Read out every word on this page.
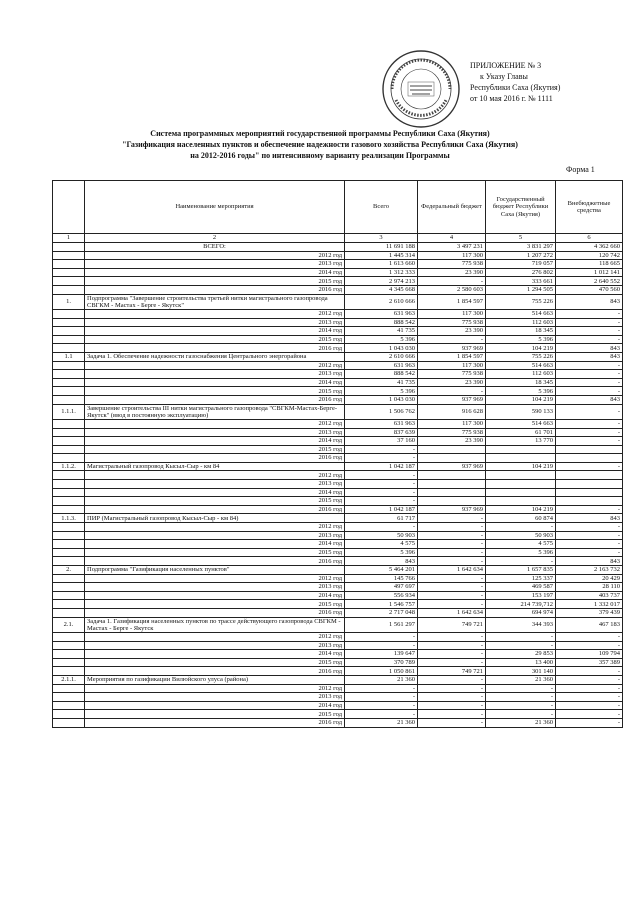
ПРИЛОЖЕНИЕ № 3
к Указу Главы
Республики Саха (Якутия)
от 10 мая 2016 г. № 1111
Система программных мероприятий государственной программы Республики Саха (Якутия)
"Газификация населенных пунктов и обеспечение надежности газового хозяйства Республики Саха (Якутия)
на 2012-2016 годы" по интенсивному варианту реализации Программы
Форма 1
	Наименование мероприятия	Всего	Федеральный бюджет	Государственный бюджет Республики Саха (Якутия)	Внебюджетные средства
1	2	3	4	5	6
	ВСЕГО:	11 691 188	3 497 231	3 831 297	4 362 660
	2012 год	1 445 314	117 300	1 207 272	120 742
	2013 год	1 613 660	775 938	719 057	118 665
	2014 год	1 312 333	23 390	276 802	1 012 141
	2015 год	2 974 213	-	333 661	2 640 552
	2016 год	4 345 668	2 580 603	1 294 505	470 560
1.	Подпрограмма "Завершение строительства третьей нитки магистрального газопровода СВГКМ - Мастах - Берге - Якутск"	2 610 666	1 854 597	755 226	843
	2012 год	631 963	117 300	514 663	-
	2013 год	888 542	775 938	112 603	-
	2014 год	41 735	23 390	18 345	-
	2015 год	5 396	-	5 396	-
	2016 год	1 043 030	937 969	104 219	843
1.1	Задача 1. Обеспечение надежности газоснабжения Центрального энергорайона	2 610 666	1 854 597	755 226	843
	2012 год	631 963	117 300	514 663	-
	2013 год	888 542	775 938	112 603	-
	2014 год	41 735	23 390	18 345	-
	2015 год	5 396	-	5 396	-
	2016 год	1 043 030	937 969	104 219	843
1.1.1.	Завершение строительства III нитки магистрального газопровода "СВГКМ-Мастах-Берге-Якутск" (ввод в постоянную эксплуатацию)	1 506 762	916 628	590 133	-
	2012 год	631 963	117 300	514 663	-
	2013 год	837 639	775 938	61 701	-
	2014 год	37 160	23 390	13 770	-
	2015 год	-			
	2016 год	-			
1.1.2.	Магистральный газопровод Кысыл-Сыр - км 84	1 042 187	937 969	104 219	-
	2012 год	-			
	2013 год	-			
	2014 год	-			
	2015 год	-			
	2016 год	1 042 187	937 969	104 219	-
1.1.3.	ПИР (Магистральный газопровод Кысыл-Сыр - км 84)	61 717	-	60 874	843
	2012 год	-	-	-	-
	2013 год	50 903	-	50 903	-
	2014 год	4 575	-	4 575	-
	2015 год	5 396	-	5 396	-
	2016 год	843	-	-	843
2.	Подпрограмма "Газификация населенных пунктов"	5 464 201	1 642 634	1 657 835	2 163 732
	2012 год	145 766	-	125 337	20 429
	2013 год	497 697	-	469 587	28 110
	2014 год	556 934	-	153 197	403 737
	2015 год	1 546 757	-	214 739,712	1 332 017
	2016 год	2 717 048	1 642 634	694 974	379 439
2.1.	Задача 1. Газификация населенных пунктов по трассе действующего газопровода СВГКМ - Мастах - Берге - Якутск	1 561 297	749 721	344 393	467 183
	2012 год	-	-	-	-
	2013 год	-	-	-	-
	2014 год	139 647	-	29 853	109 794
	2015 год	370 789	-	13 400	357 389
	2016 год	1 050 861	749 721	301 140	-
2.1.1.	Мероприятия по газификации Вилюйского улуса (района)	21 360	-	21 360	-
	2012 год	-	-	-	-
	2013 год	-	-	-	-
	2014 год	-	-	-	-
	2015 год	-	-	-	-
	2016 год	21 360	-	21 360	-
